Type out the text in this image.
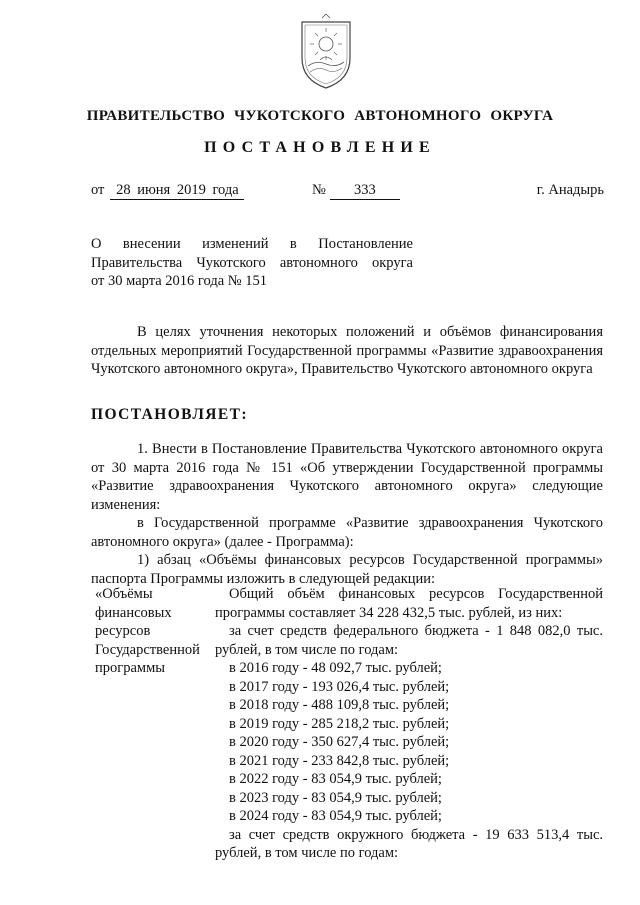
ПРАВИТЕЛЬСТВО ЧУКОТСКОГО АВТОНОМНОГО ОКРУГА
ПОСТАНОВЛЕНИЕ
от 28 июня 2019 года	№ 333	г. Анадырь
О внесении изменений в Постановление
Правительства Чукотского автономного округа
от 30 марта 2016 года № 151
В целях уточнения некоторых положений и объёмов финансирования отдельных мероприятий Государственной программы «Развитие здравоохранения Чукотского автономного округа», Правительство Чукотского автономного округа
ПОСТАНОВЛЯЕТ:

1. Внести в Постановление Правительства Чукотского автономного округа от 30 марта 2016 года № 151 «Об утверждении Государственной программы «Развитие здравоохранения Чукотского автономного округа» следующие изменения:

в Государственной программе «Развитие здравоохранения Чукотского автономного округа» (далее - Программа):

1) абзац «Объёмы финансовых ресурсов Государственной программы» паспорта Программы изложить в следующей редакции:

«Объёмы
финансовых
ресурсов
Государственной
программы

Общий объём финансовых ресурсов Государственной программы составляет 34 228 432,5 тыс. рублей, из них:

за счет средств федерального бюджета - 1 848 082,0 тыс. рублей, в том числе по годам:

в 2016 году - 48 092,7 тыс. рублей;

в 2017 году - 193 026,4 тыс. рублей;

в 2018 году - 488 109,8 тыс. рублей;

в 2019 году - 285 218,2 тыс. рублей;

в 2020 году - 350 627,4 тыс. рублей;

в 2021 году - 233 842,8 тыс. рублей;

в 2022 году - 83 054,9 тыс. рублей;

в 2023 году - 83 054,9 тыс. рублей;

в 2024 году - 83 054,9 тыс. рублей;

за счет средств окружного бюджета - 19 633 513,4 тыс. рублей, в том числе по годам:
